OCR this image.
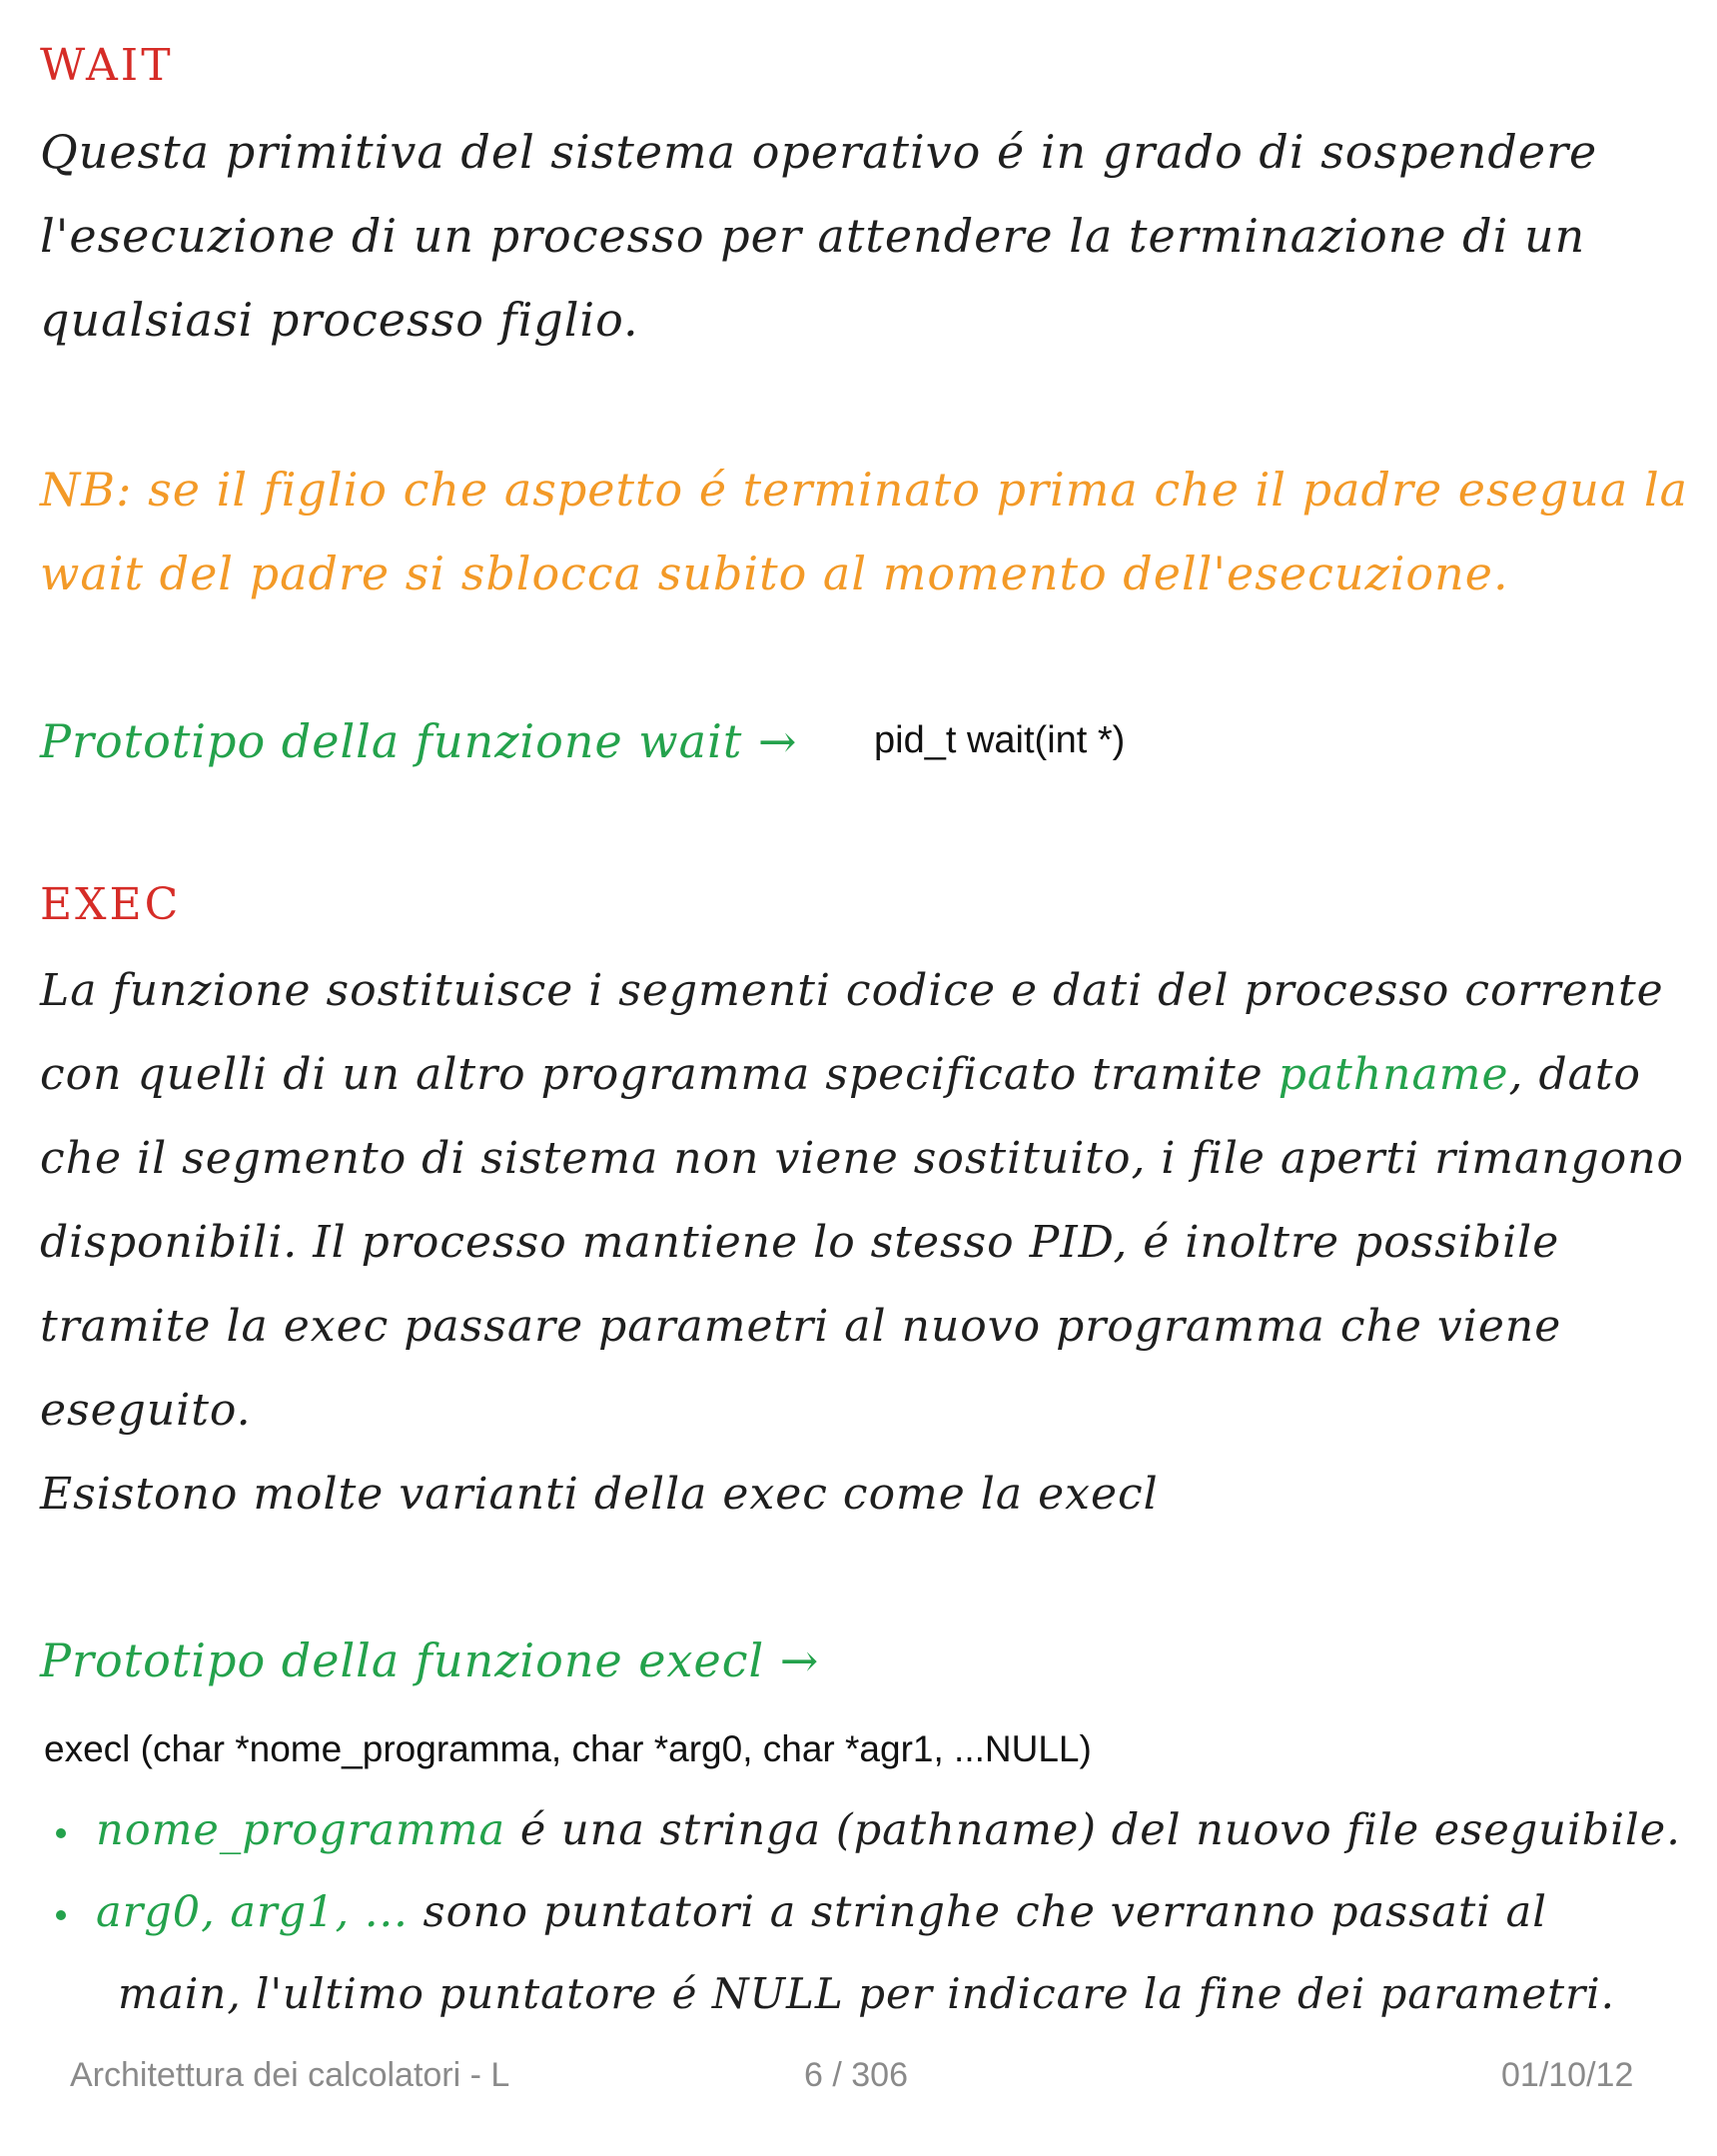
WAIT
Questa primitiva del sistema operativo é in grado di sospendere
l'esecuzione di un processo per attendere la terminazione di un
qualsiasi processo figlio.
NB: se il figlio che aspetto é terminato prima che il padre esegua la
wait del padre si sblocca subito al momento dell'esecuzione.
Prototipo della funzione wait → pid_t wait(int *)
EXEC
La funzione sostituisce i segmenti codice e dati del processo corrente
con quelli di un altro programma specificato tramite pathname, dato
che il segmento di sistema non viene sostituito, i file aperti rimangono
disponibili. Il processo mantiene lo stesso PID, é inoltre possibile
tramite la exec passare parametri al nuovo programma che viene
eseguito.
Esistono molte varianti della exec come la execl
Prototipo della funzione execl →
execl (char *nome_programma, char *arg0, char *agr1, ...NULL)
nome_programma é una stringa (pathname) del nuovo file eseguibile.
arg0, arg1, ... sono puntatori a stringhe che verranno passati al
main, l'ultimo puntatore é NULL per indicare la fine dei parametri.
Architettura dei calcolatori - L	6 / 306	01/10/12
